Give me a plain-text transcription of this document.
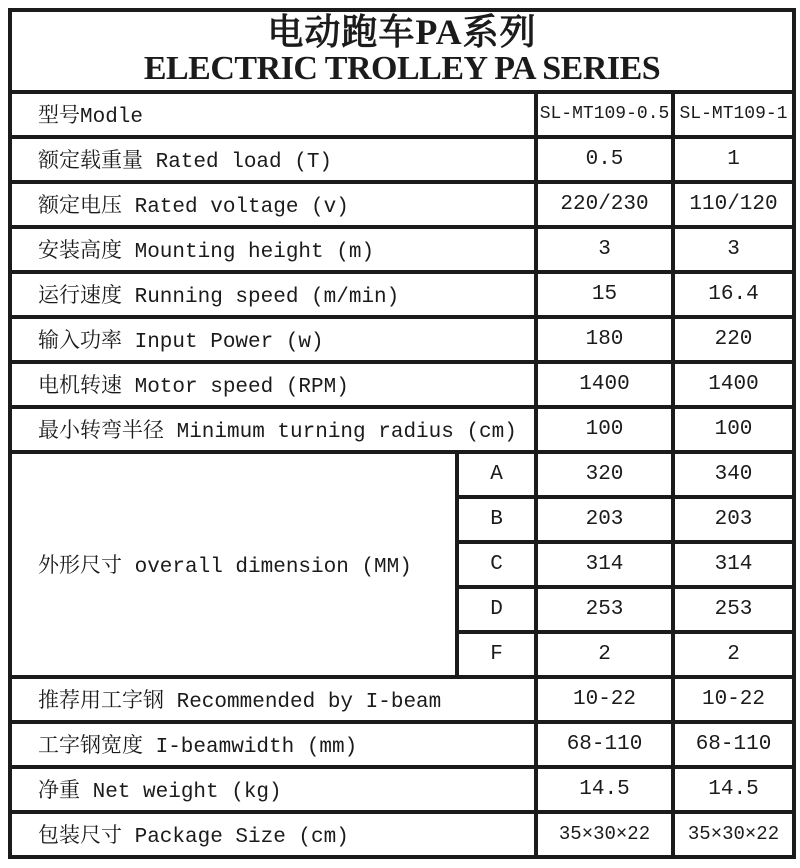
电动跑车PA系列
ELECTRIC TROLLEY PA SERIES			

型号Modle		SL-MT109-0.5	SL-MT109-1
额定载重量 Rated load (T)		0.5	1
额定电压 Rated voltage (v)		220/230	110/120
安装高度 Mounting height (m)		3	3
运行速度 Running speed (m/min)		15	16.4
输入功率 Input Power (w)		180	220
电机转速 Motor speed (RPM)		1400	1400
最小转弯半径 Minimum turning radius (cm)		100	100
外形尺寸 overall dimension (MM)	A	320	340
	B	203	203
	C	314	314
	D	253	253
	F	2	2
推荐用工字钢 Recommended by I-beam		10-22	10-22
工字钢宽度 I-beamwidth (mm)		68-110	68-110
净重 Net weight (kg)		14.5	14.5
包装尺寸 Package Size (cm)		35×30×22	35×30×22
